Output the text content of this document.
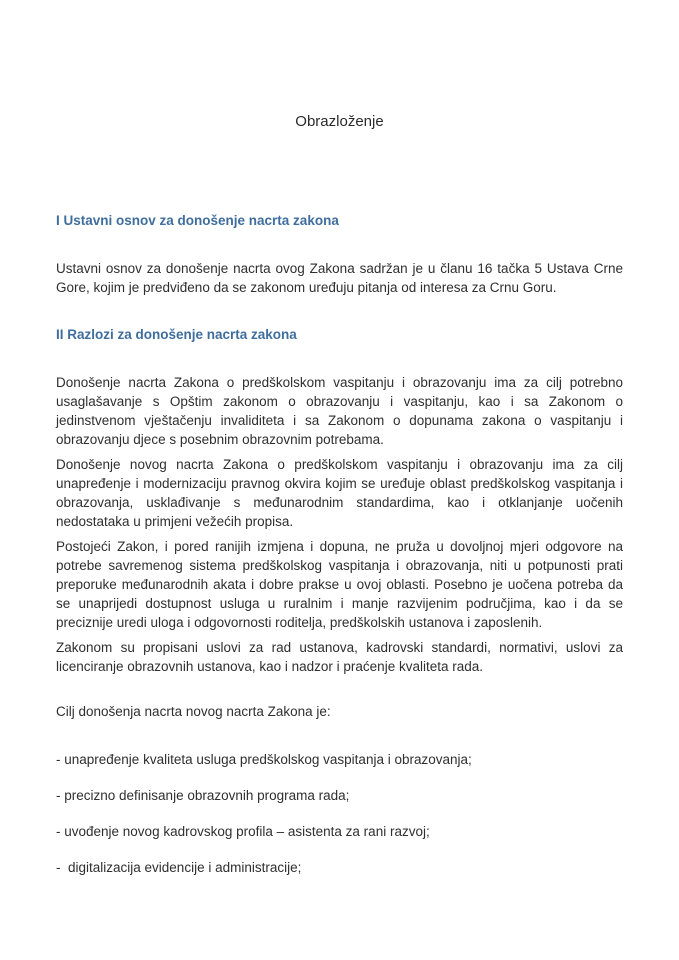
Obrazloženje
I Ustavni osnov za donošenje nacrta zakona

Ustavni osnov za donošenje nacrta ovog Zakona sadržan je u članu 16 tačka 5 Ustava Crne Gore, kojim je predviđeno da se zakonom uređuju pitanja od interesa za Crnu Goru.

II Razlozi za donošenje nacrta zakona

Donošenje nacrta Zakona o predškolskom vaspitanju i obrazovanju ima za cilj potrebno usaglašavanje s Opštim zakonom o obrazovanju i vaspitanju, kao i sa Zakonom o jedinstvenom vještačenju invaliditeta i sa Zakonom o dopunama zakona o vaspitanju i obrazovanju djece s posebnim obrazovnim potrebama.

Donošenje novog nacrta Zakona o predškolskom vaspitanju i obrazovanju ima za cilj unapređenje i modernizaciju pravnog okvira kojim se uređuje oblast predškolskog vaspitanja i obrazovanja, usklađivanje s međunarodnim standardima, kao i otklanjanje uočenih nedostataka u primjeni vežećih propisa.

Postojeći Zakon, i pored ranijih izmjena i dopuna, ne pruža u dovoljnoj mjeri odgovore na potrebe savremenog sistema predškolskog vaspitanja i obrazovanja, niti u potpunosti prati preporuke međunarodnih akata i dobre prakse u ovoj oblasti. Posebno je uočena potreba da se unaprijedi dostupnost usluga u ruralnim i manje razvijenim područjima, kao i da se preciznije uredi uloga i odgovornosti roditelja, predškolskih ustanova i zaposlenih.

Zakonom su propisani uslovi za rad ustanova, kadrovski standardi, normativi, uslovi za licenciranje obrazovnih ustanova, kao i nadzor i praćenje kvaliteta rada.

Cilj donošenja nacrta novog nacrta Zakona je:

- unapređenje kvaliteta usluga predškolskog vaspitanja i obrazovanja;

- precizno definisanje obrazovnih programa rada;

- uvođenje novog kadrovskog profila – asistenta za rani razvoj;

-  digitalizacija evidencije i administracije;
